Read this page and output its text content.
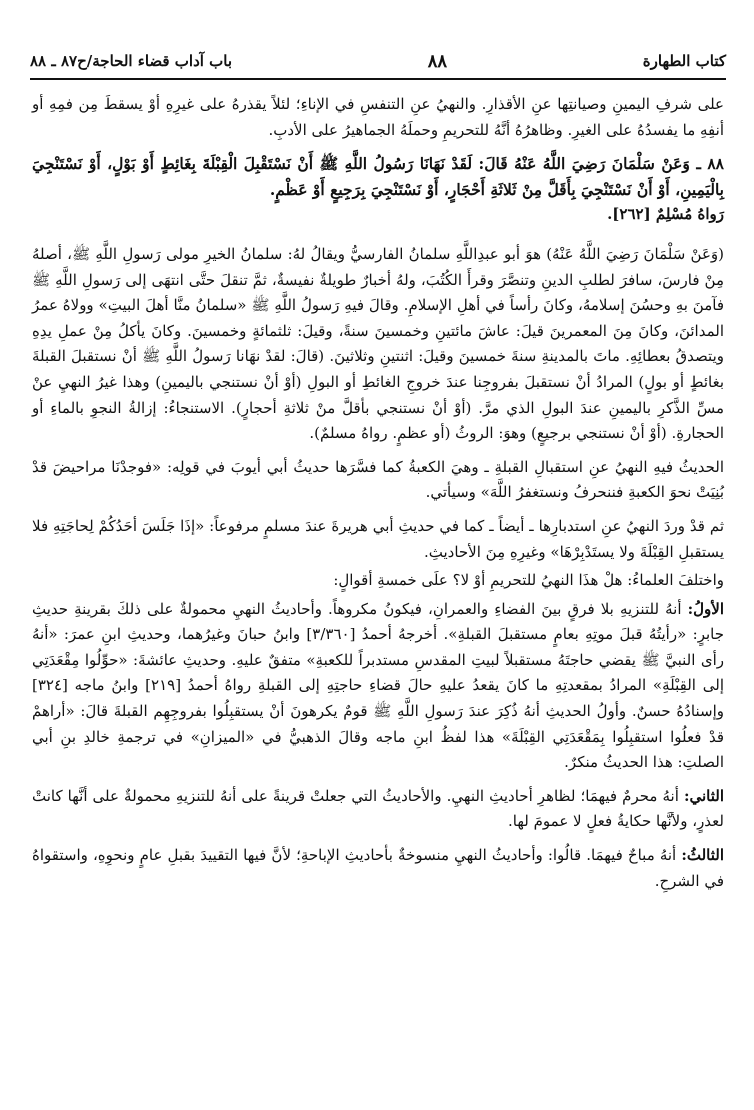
كتاب الطهارة
٨٨
باب آداب قضاء الحاجة/ح٨٧ ـ ٨٨

على شرفِ اليمينِ وصيانتِها عنِ الأقذارِ. والنهيُ عنِ التنفسِ في الإناءِ؛ لئلاً يقذرهُ على غيرِهِ أوْ يسقطَ مِن فمِهِ أو أنفِهِ ما يفسدُهُ على الغيرِ. وظاهرُهُ أنَّهُ للتحريمِ وحملَهُ الجماهيرُ على الأدبِ.

٨٨ ـ وَعَنْ سَلْمَانَ رَضِيَ اللَّهُ عَنْهُ قَالَ: لَقَدْ نَهَانَا رَسُولُ اللَّهِ ﷺ أَنْ نَسْتَقْبِلَ الْقِبْلَةَ بِغَائِطٍ أَوْ بَوْلٍ، أَوْ نَسْتَنْجِيَ بِالْيَمِينِ، أَوْ أَنْ نَسْتَنْجِيَ بِأَقَلَّ مِنْ ثَلاثَةِ أَحْجَارٍ، أَوْ نَسْتَنْجِيَ بِرَجِيعٍ أَوْ عَظْمٍ.

رَواهُ مُسْلِمٌ [٢٦٢].

(وَعَنْ سَلْمَانَ رَضِيَ اللَّهُ عَنْهُ) هوَ أبو عبدِاللَّهِ سلمانُ الفارسيُّ ويقالُ لهُ: سلمانُ الخيرِ مولى رَسولِ اللَّهِ ﷺ، أصلهُ مِنْ فارسَ، سافرَ لطلبِ الدينِ وتنصَّرَ وقرأَ الكُتُبَ، ولهُ أخبارٌ طويلةٌ نفيسةٌ، ثمَّ تنقلَ حتَّى انتهَى إلى رَسولِ اللَّهِ ﷺ فآمنَ بهِ وحسُنَ إسلامهُ، وكانَ رأساً في أهلِ الإسلامِ. وقالَ فيهِ رَسولُ اللَّهِ ﷺ «سلمانُ منَّا أهلَ البيتِ» وولاهُ عمرُ المدائنَ، وكانَ مِنَ المعمرينَ قيلَ: عاشَ مائتينِ وخمسينَ سنةً، وقيلَ: ثلثمائةٍ وخمسينَ. وكانَ يأكلُ مِنْ عملِ يدِهِ ويتصدقُ بعطائِهِ. ماتَ بالمدينةِ سنةَ خمسينَ وقيلَ: اثنتينِ وثلاثينَ. (قالَ: لقدْ نهَانا رَسولُ اللَّهِ ﷺ أنْ نستقبلَ القبلةَ بغائطٍ أو بولٍ) المرادُ أنْ نستقبلَ بفروجِنا عندَ خروجِ الغائطِ أو البولِ (أوْ أنْ نستنجي باليمينِ) وهذا غيرُ النهيِ عنْ مسِّ الذَّكرِ باليمينِ عندَ البولِ الذي مرَّ. (أوْ أنْ نستنجي بأقلَّ منْ ثلاثةِ أحجارٍ). الاستنجاءُ: إزالةُ النجوِ بالماءِ أو الحجارةِ. (أوْ أنْ نستنجي برجيعٍ) وهوَ: الروثُ (أو عظمٍ. رواهُ مسلمٌ).

الحديثُ فيهِ النهيُ عنِ استقبالِ القبلةِ ـ وهيَ الكعبةُ كما فسَّرَها حديثُ أبي أيوبَ في قولِه: «فوجدْنَا مراحيضَ قدْ بُنِيَتْ نحوَ الكعبةِ فننحرفُ ونستغفرُ اللَّهَ» وسيأتي.

ثم قدْ وردَ النهيُ عنِ استدبارِها ـ أيضاً ـ كما في حديثِ أبي هريرةَ عندَ مسلمٍ مرفوعاً: «إذَا جَلَسَ أحَدُكُمْ لِحاجَتِهِ فلا يستقبلِ القِبْلَةَ ولا يستَدْبِرْهَا» وغيرِهِ مِنَ الأحاديثِ.

واختلفَ العلماءُ: هلْ هذَا النهيُ للتحريمِ أوْ لا؟ علَى خمسةِ أقوالٍ:

الأولُ: أنهُ للتنزيهِ بلا فرقٍ بينَ الفضاءِ والعمرانِ، فيكونُ مكروهاً. وأحاديثُ النهيِ محمولةٌ على ذلكَ بقرينةِ حديثِ جابرٍ: «رأيتُهُ قبلَ موتِهِ بعامٍ مستقبلَ القبلةِ». أخرجهُ أحمدُ [٣/٣٦٠] وابنُ حبانَ وغيرُهما، وحديثِ ابنِ عمرَ: «أنهُ رأى النبيَّ ﷺ يقضي حاجتَهُ مستقبلاً لبيتِ المقدسِ مستدبراً للكعبةِ» متفقٌ عليهِ. وحديثِ عائشةَ: «حوِّلُوا مِقْعَدَتِي إلى القِبْلَةِ» المرادُ بمقعدتِهِ ما كانَ يقعدُ عليهِ حالَ قضاءِ حاجتِهِ إلى القبلةِ رواهُ أحمدُ [٢١٩] وابنُ ماجه [٣٢٤] وإسنادُهُ حسنٌ. وأولُ الحديثِ أنهُ ذُكِرَ عندَ رَسولِ اللَّهِ ﷺ قومٌ يكرهونَ أنْ يستقبِلُوا بفروجِهِم القبلةَ قالَ: «أراهمْ قدْ فعلُوا استقبِلُوا بِمَقْعَدَتِي القِبْلَةَ» هذا لفظُ ابنِ ماجه وقالَ الذهبيُّ في «الميزانِ» في ترجمةِ خالدِ بنِ أبي الصلتِ: هذا الحديثُ منكرٌ.

الثاني: أنهُ محرمٌ فيهمَا؛ لظاهرِ أحاديثِ النهيِ. والأحاديثُ التي جعلتْ قرينةً على أنهُ للتنزيهِ محمولةٌ على أنَّها كانتْ لعذرٍ، ولأنَّها حكايةُ فعلٍ لا عمومَ لها.

الثالثُ: أنهُ مباحٌ فيهمَا. قالُوا: وأحاديثُ النهيِ منسوخةٌ بأحاديثِ الإباحةِ؛ لأنَّ فيها التقييدَ بقبلِ عامٍ ونحوِهِ، واستقواهُ في الشرحِ.
